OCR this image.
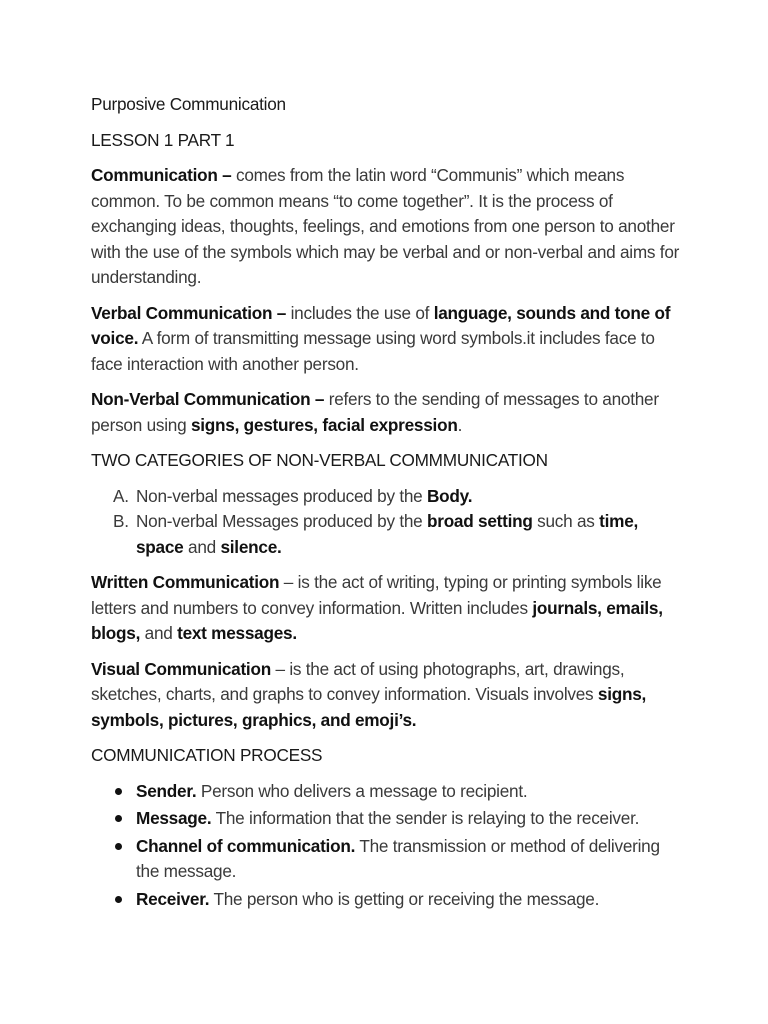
Purposive Communication
LESSON 1 PART 1

Communication – comes from the latin word “Communis” which means common. To be common means “to come together”. It is the process of exchanging ideas, thoughts, feelings, and emotions from one person to another with the use of the symbols which may be verbal and or non-verbal and aims for understanding.

Verbal Communication – includes the use of language, sounds and tone of voice. A form of transmitting message using word symbols.it includes face to face interaction with another person.

Non-Verbal Communication – refers to the sending of messages to another person using signs, gestures, facial expression.

TWO CATEGORIES OF NON-VERBAL COMMMUNICATION
A. Non-verbal messages produced by the Body.
B. Non-verbal Messages produced by the broad setting such as time, space and silence.

Written Communication – is the act of writing, typing or printing symbols like letters and numbers to convey information. Written includes journals, emails, blogs, and text messages.

Visual Communication – is the act of using photographs, art, drawings, sketches, charts, and graphs to convey information. Visuals involves signs, symbols, pictures, graphics, and emoji’s.

COMMUNICATION PROCESS
Sender. Person who delivers a message to recipient.
Message. The information that the sender is relaying to the receiver.
Channel of communication. The transmission or method of delivering the message.
Receiver. The person who is getting or receiving the message.
